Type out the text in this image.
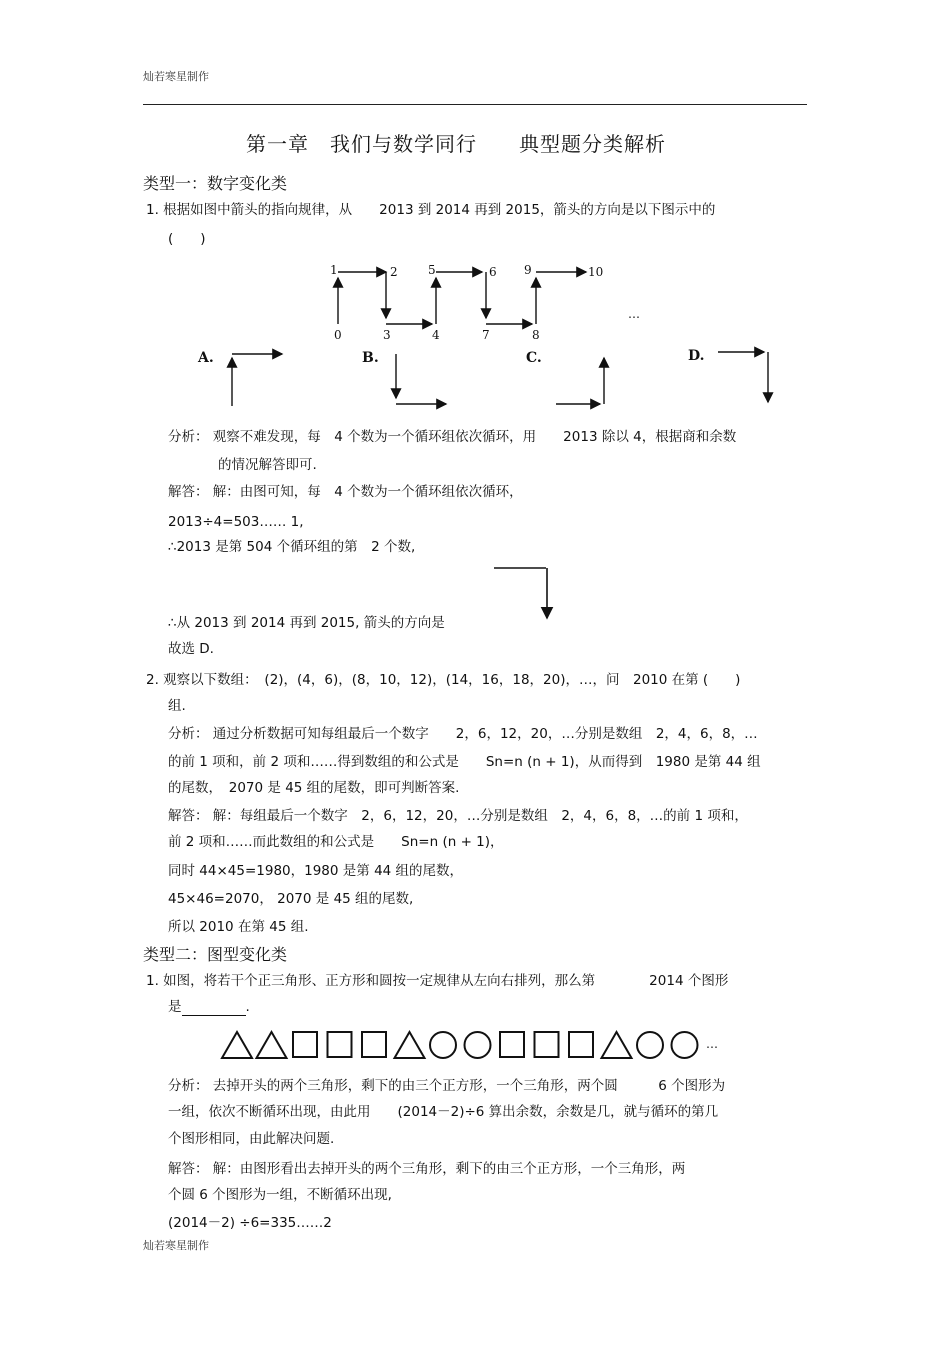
灿若寒星制作
第一章　我们与数学同行　　典型题分类解析
类型一：数字变化类
1. 根据如图中箭头的指向规律，从　　2013 到 2014 再到 2015，箭头的方向是以下图示中的
(　　)
1	2	5	6 9	10
0	3	4	7	8
…
A.	B.	C.	D.
分析： 观察不难发现，每　4 个数为一个循环组依次循环，用　　2013 除以 4，根据商和余数
的情况解答即可.
解答： 解：由图可知，每　4 个数为一个循环组依次循环，
2013÷4=503…… 1,
∴2013 是第 504 个循环组的第　2 个数,
∴从 2013 到 2014 再到 2015, 箭头的方向是
故选 D.
2. 观察以下数组：　(2)，(4，6)，(8，10，12)，(14，16，18，20)，…，问　2010 在第 (　　)
组.
分析： 通过分析数据可知每组最后一个数字　　2，6，12，20，…分别是数组　2，4，6，8，…
的前 1 项和，前 2 项和……得到数组的和公式是　　Sn=n (n + 1)，从而得到　1980 是第 44 组
的尾数，　2070 是 45 组的尾数，即可判断答案.
解答： 解：每组最后一个数字　2，6，12，20，…分别是数组　2，4，6，8，…的前 1 项和，
前 2 项和……而此数组的和公式是　　Sn=n (n + 1)，
同时 44×45=1980，1980 是第 44 组的尾数，
45×46=2070， 2070 是 45 组的尾数,
所以 2010 在第 45 组.
类型二：图型变化类
1. 如图，将若干个正三角形、正方形和圆按一定规律从左向右排列，那么第　　　　2014 个图形
是	.
…
分析： 去掉开头的两个三角形，剩下的由三个正方形，一个三角形，两个圆　　　6 个图形为
一组，依次不断循环出现，由此用　　(2014－2)÷6 算出余数，余数是几，就与循环的第几
个图形相同，由此解决问题.
解答： 解：由图形看出去掉开头的两个三角形，剩下的由三个正方形，一个三角形，两
个圆 6 个图形为一组，不断循环出现,
(2014－2) ÷6=335……2
灿若寒星制作
